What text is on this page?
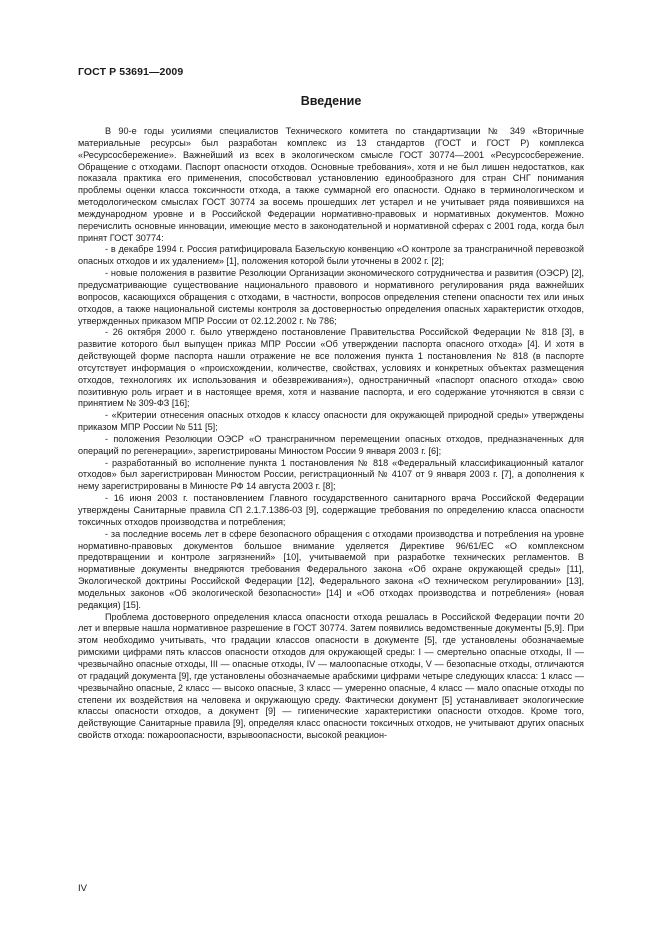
ГОСТ Р 53691—2009
Введение

В 90-е годы усилиями специалистов Технического комитета по стандартизации № 349 «Вторичные материальные ресурсы» был разработан комплекс из 13 стандартов (ГОСТ и ГОСТ Р) комплекса «Ресурсосбережение». Важнейший из всех в экологическом смысле ГОСТ 30774—2001 «Ресурсосбережение. Обращение с отходами. Паспорт опасности отходов. Основные требования», хотя и не был лишен недостатков, как показала практика его применения, способствовал установлению единообразного для стран СНГ понимания проблемы оценки класса токсичности отхода, а также суммарной его опасности. Однако в терминологическом и методологическом смыслах ГОСТ 30774 за восемь прошедших лет устарел и не учитывает ряда появившихся на международном уровне и в Российской Федерации нормативно-правовых и нормативных документов. Можно перечислить основные инновации, имеющие место в законодательной и нормативной сферах с 2001 года, когда был принят ГОСТ 30774:

- в декабре 1994 г. Россия ратифицировала Базельскую конвенцию «О контроле за трансграничной перевозкой опасных отходов и их удалением» [1], положения которой были уточнены в 2002 г. [2];

- новые положения в развитие Резолюции Организации экономического сотрудничества и развития (ОЭСР) [2], предусматривающие существование национального правового и нормативного регулирования ряда важнейших вопросов, касающихся обращения с отходами, в частности, вопросов определения степени опасности тех или иных отходов, а также национальной системы контроля за достоверностью определения опасных характеристик отходов, утвержденных приказом МПР России от 02.12.2002 г. № 786;

- 26 октября 2000 г. было утверждено постановление Правительства Российской Федерации № 818 [3], в развитие которого был выпущен приказ МПР России «Об утверждении паспорта опасного отхода» [4]. И хотя в действующей форме паспорта нашли отражение не все положения пункта 1 постановления № 818 (в паспорте отсутствует информация о «происхождении, количестве, свойствах, условиях и конкретных объектах размещения отходов, технологиях их использования и обезвреживания»), одностраничный «паспорт опасного отхода» свою позитивную роль играет и в настоящее время, хотя и название паспорта, и его содержание уточняются в связи с принятием № 309-ФЗ [16];

- «Критерии отнесения опасных отходов к классу опасности для окружающей природной среды» утверждены приказом МПР России № 511 [5];

- положения Резолюции ОЭСР «О трансграничном перемещении опасных отходов, предназначенных для операций по регенерации», зарегистрированы Минюстом России 9 января 2003 г. [6];

- разработанный во исполнение пункта 1 постановления № 818 «Федеральный классификационный каталог отходов» был зарегистрирован Минюстом России, регистрационный № 4107 от 9 января 2003 г. [7], а дополнения к нему зарегистрированы в Минюсте РФ 14 августа 2003 г. [8];

- 16 июня 2003 г. постановлением Главного государственного санитарного врача Российской Федерации утверждены Санитарные правила СП 2.1.7.1386-03 [9], содержащие требования по определению класса опасности токсичных отходов производства и потребления;

- за последние восемь лет в сфере безопасного обращения с отходами производства и потребления на уровне нормативно-правовых документов большое внимание уделяется Директиве 96/61/ЕС «О комплексном предотвращении и контроле загрязнений» [10], учитываемой при разработке технических регламентов. В нормативные документы внедряются требования Федерального закона «Об охране окружающей среды» [11], Экологической доктрины Российской Федерации [12], Федерального закона «О техническом регулировании» [13], модельных законов «Об экологической безопасности» [14] и «Об отходах производства и потребления» (новая редакция) [15].

Проблема достоверного определения класса опасности отхода решалась в Российской Федерации почти 20 лет и впервые нашла нормативное разрешение в ГОСТ 30774. Затем появились ведомственные документы [5,9]. При этом необходимо учитывать, что градации классов опасности в документе [5], где установлены обозначаемые римскими цифрами пять классов опасности отходов для окружающей среды: I — смертельно опасные отходы, II — чрезвычайно опасные отходы, III — опасные отходы, IV — малоопасные отходы, V — безопасные отходы, отличаются от градаций документа [9], где установлены обозначаемые арабскими цифрами четыре следующих класса: 1 класс — чрезвычайно опасные, 2 класс — высоко опасные, 3 класс — умеренно опасные, 4 класс — мало опасные отходы по степени их воздействия на человека и окружающую среду. Фактически документ [5] устанавливает экологические классы опасности отходов, а документ [9] — гигиенические характеристики опасности отходов. Кроме того, действующие Санитарные правила [9], определяя класс опасности токсичных отходов, не учитывают других опасных свойств отхода: пожароопасности, взрывоопасности, высокой реакцион-

IV
